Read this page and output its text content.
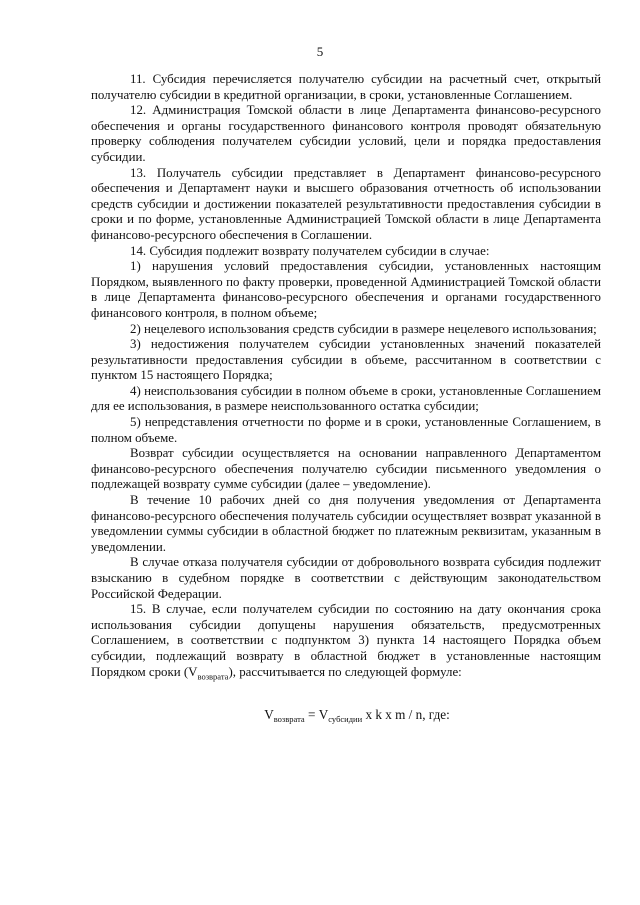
5

11. Субсидия перечисляется получателю субсидии на расчетный счет, открытый получателю субсидии в кредитной организации, в сроки, установленные Соглашением.

12. Администрация Томской области в лице Департамента финансово-ресурсного обеспечения и органы государственного финансового контроля проводят обязательную проверку соблюдения получателем субсидии условий, цели и порядка предоставления субсидии.

13. Получатель субсидии представляет в Департамент финансово-ресурсного обеспечения и Департамент науки и высшего образования отчетность об использовании средств субсидии и достижении показателей результативности предоставления субсидии в сроки и по форме, установленные Администрацией Томской области в лице Департамента финансово-ресурсного обеспечения в Соглашении.

14. Субсидия подлежит возврату получателем субсидии в случае:

1) нарушения условий предоставления субсидии, установленных настоящим Порядком, выявленного по факту проверки, проведенной Администрацией Томской области в лице Департамента финансово-ресурсного обеспечения и органами государственного финансового контроля, в полном объеме;

2) нецелевого использования средств субсидии в размере нецелевого использования;

3) недостижения получателем субсидии установленных значений показателей результативности предоставления субсидии в объеме, рассчитанном в соответствии с пунктом 15 настоящего Порядка;

4) неиспользования субсидии в полном объеме в сроки, установленные Соглашением для ее использования, в размере неиспользованного остатка субсидии;

5) непредставления отчетности по форме и в сроки, установленные Соглашением, в полном объеме.

Возврат субсидии осуществляется на основании направленного Департаментом финансово-ресурсного обеспечения получателю субсидии письменного уведомления о подлежащей возврату сумме субсидии (далее – уведомление).

В течение 10 рабочих дней со дня получения уведомления от Департамента финансово-ресурсного обеспечения получатель субсидии осуществляет возврат указанной в уведомлении суммы субсидии в областной бюджет по платежным реквизитам, указанным в уведомлении.

В случае отказа получателя субсидии от добровольного возврата субсидия подлежит взысканию в судебном порядке в соответствии с действующим законодательством Российской Федерации.

15. В случае, если получателем субсидии по состоянию на дату окончания срока использования субсидии допущены нарушения обязательств, предусмотренных Соглашением, в соответствии с подпунктом 3) пункта 14 настоящего Порядка объем субсидии, подлежащий возврату в областной бюджет в установленные настоящим Порядком сроки $(V_{возврата})$, рассчитывается по следующей формуле:

$V_{возврата} = V_{субсидии}$ x k x m / n, где:
